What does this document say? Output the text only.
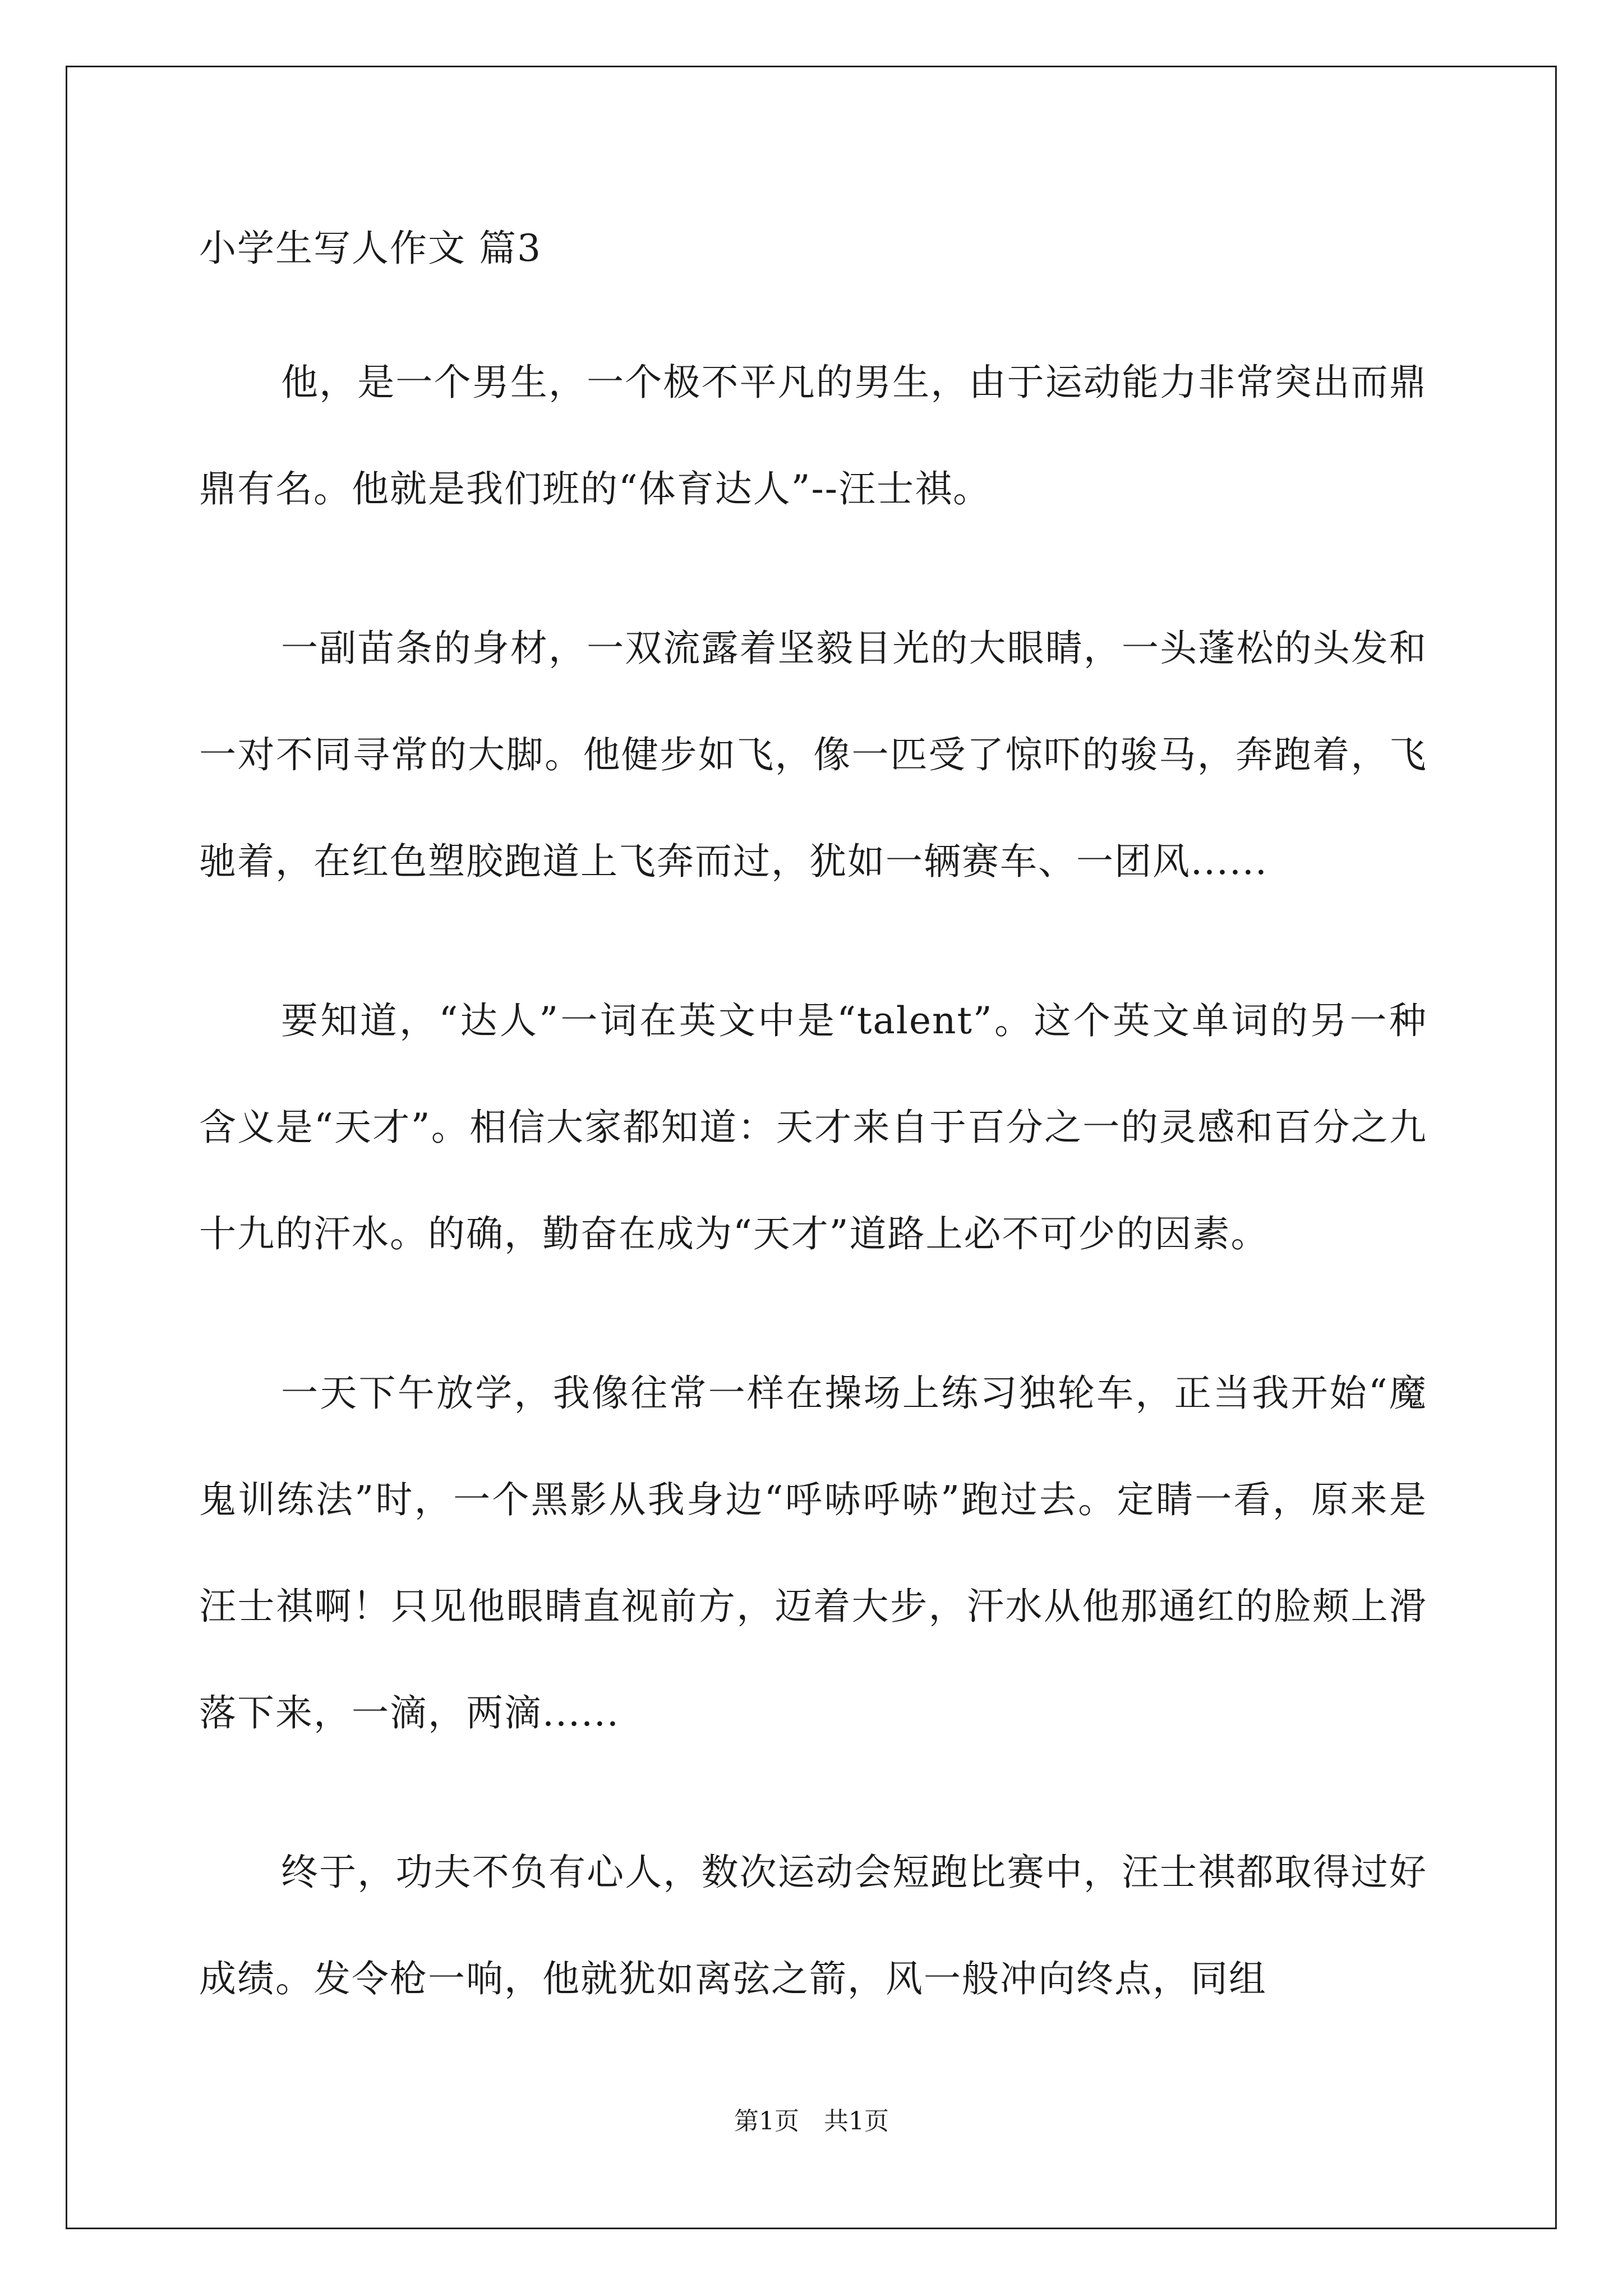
小学生写人作文 篇3

他，是一个男生，一个极不平凡的男生，由于运动能力非常突出而鼎鼎有名。他就是我们班的“体育达人”--汪士祺。

一副苗条的身材，一双流露着坚毅目光的大眼睛，一头蓬松的头发和一对不同寻常的大脚。他健步如飞，像一匹受了惊吓的骏马，奔跑着，飞驰着，在红色塑胶跑道上飞奔而过，犹如一辆赛车、一团风......

要知道，“达人”一词在英文中是“talent”。这个英文单词的另一种含义是“天才”。相信大家都知道：天才来自于百分之一的灵感和百分之九十九的汗水。的确，勤奋在成为“天才”道路上必不可少的因素。

一天下午放学，我像往常一样在操场上练习独轮车，正当我开始“魔鬼训练法”时，一个黑影从我身边“呼哧呼哧”跑过去。定睛一看，原来是汪士祺啊！只见他眼睛直视前方，迈着大步，汗水从他那通红的脸颊上滑落下来，一滴，两滴......

终于，功夫不负有心人，数次运动会短跑比赛中，汪士祺都取得过好成绩。发令枪一响，他就犹如离弦之箭，风一般冲向终点，同组

第1页　共1页
